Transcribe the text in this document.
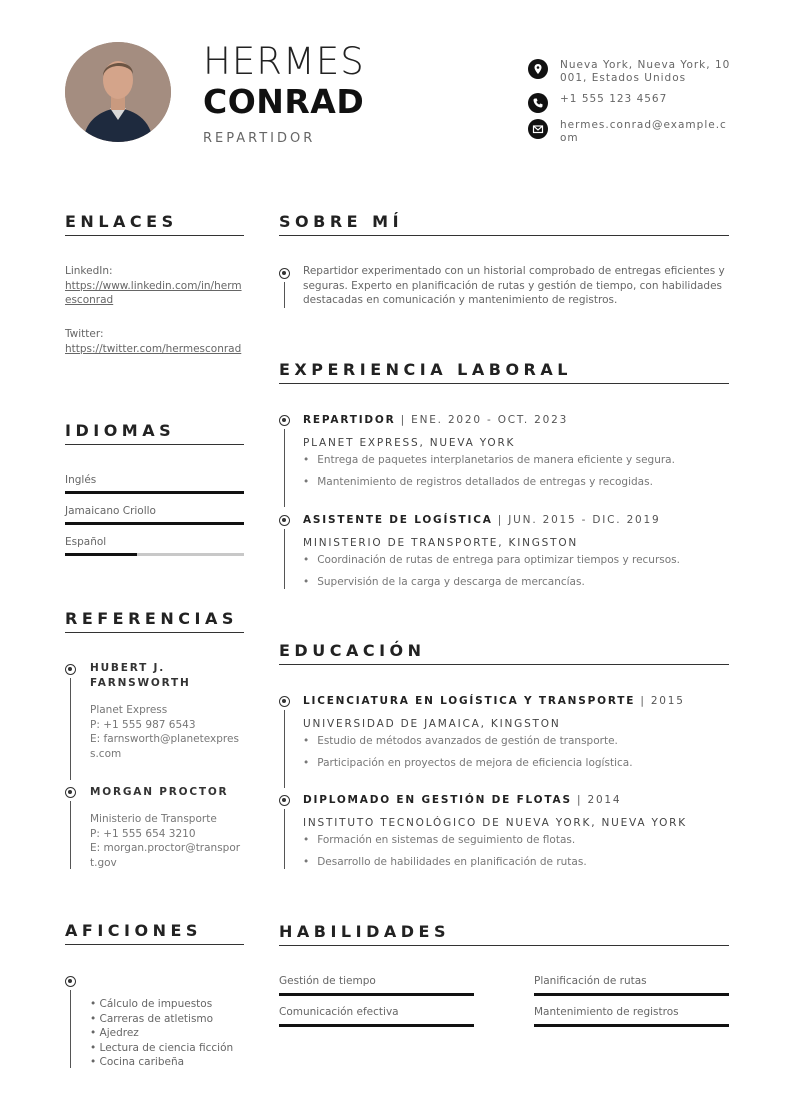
HERMES
CONRAD
REPARTIDOR
Nueva York, Nueva York, 10001, Estados Unidos
+1 555 123 4567
hermes.conrad@example.com
ENLACES
LinkedIn:
https://www.linkedin.com/in/hermesconrad
Twitter:
https://twitter.com/hermesconrad
IDIOMAS
Inglés
Jamaicano Criollo
Español
REFERENCIAS
HUBERT J. FARNSWORTH
Planet Express
P: +1 555 987 6543
E: farnsworth@planetexpress.com
MORGAN PROCTOR
Ministerio de Transporte
P: +1 555 654 3210
E: morgan.proctor@transport.gov
AFICIONES
• Cálculo de impuestos
• Carreras de atletismo
• Ajedrez
• Lectura de ciencia ficción
• Cocina caribeña
SOBRE MÍ
Repartidor experimentado con un historial comprobado de entregas eficientes y seguras. Experto en planificación de rutas y gestión de tiempo, con habilidades destacadas en comunicación y mantenimiento de registros.
EXPERIENCIA LABORAL
REPARTIDOR | ENE. 2020 - OCT. 2023
PLANET EXPRESS, NUEVA YORK
• Entrega de paquetes interplanetarios de manera eficiente y segura.
• Mantenimiento de registros detallados de entregas y recogidas.
ASISTENTE DE LOGÍSTICA | JUN. 2015 - DIC. 2019
MINISTERIO DE TRANSPORTE, KINGSTON
• Coordinación de rutas de entrega para optimizar tiempos y recursos.
• Supervisión de la carga y descarga de mercancías.
EDUCACIÓN
LICENCIATURA EN LOGÍSTICA Y TRANSPORTE | 2015
UNIVERSIDAD DE JAMAICA, KINGSTON
• Estudio de métodos avanzados de gestión de transporte.
• Participación en proyectos de mejora de eficiencia logística.
DIPLOMADO EN GESTIÓN DE FLOTAS | 2014
INSTITUTO TECNOLÓGICO DE NUEVA YORK, NUEVA YORK
• Formación en sistemas de seguimiento de flotas.
• Desarrollo de habilidades en planificación de rutas.
HABILIDADES
Gestión de tiempo	Planificación de rutas
Comunicación efectiva	Mantenimiento de registros
